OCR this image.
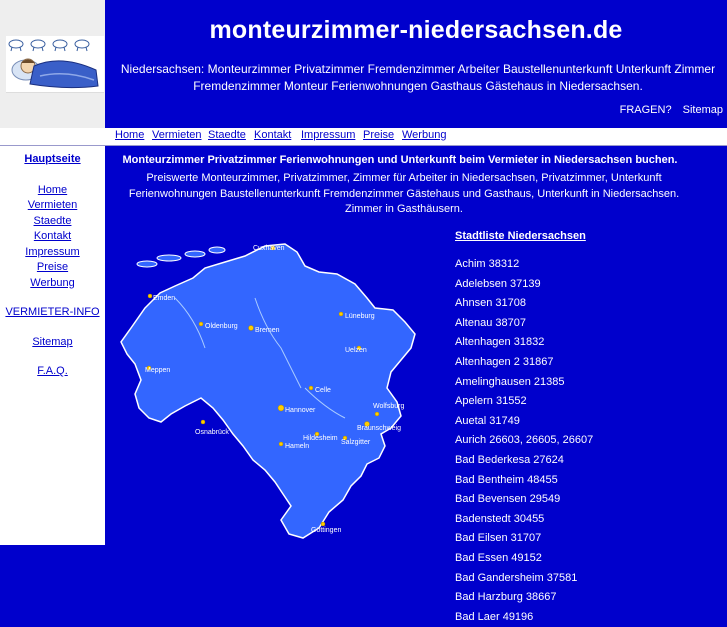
Hauptseite
Home
Vermieten
Staedte
Kontakt
Impressum
Preise
Werbung
VERMIETER-INFO
Sitemap
F.A.Q.
monteurzimmer-niedersachsen.de
Niedersachsen: Monteurzimmer Privatzimmer Fremdenzimmer Arbeiter Baustellenunterkunft Unterkunft Zimmer Fremdenzimmer Monteur Ferienwohnungen Gasthaus Gästehaus in Niedersachsen.
FRAGEN? Sitemap
Home Vermieten Staedte Kontakt Impressum Preise Werbung
Monteurzimmer Privatzimmer Ferienwohnungen und Unterkunft beim Vermieter in Niedersachsen buchen.
Preiswerte Monteurzimmer, Privatzimmer, Zimmer für Arbeiter in Niedersachsen, Privatzimmer, Unterkunft Ferienwohnungen Baustellenunterkunft Fremdenzimmer Gästehaus und Gasthaus, Unterkunft in Niedersachsen. Zimmer in Gasthäusern.
Emden
Oldenburg
Bremen
Cuxhaven
Lüneburg
Uelzen
Celle
Hannover
Wolfsburg
Braunschweig
Hildesheim
Salzgitter
Hameln
Osnabrück
Meppen
Göttingen
Stadtliste Niedersachsen
Achim 38312
Adelebsen 37139
Ahnsen 31708
Altenau 38707
Altenhagen 31832
Altenhagen 2 31867
Amelinghausen 21385
Apelern 31552
Auetal 31749
Aurich 26603, 26605, 26607
Bad Bederkesa 27624
Bad Bentheim 48455
Bad Bevensen 29549
Badenstedt 30455
Bad Eilsen 31707
Bad Essen 49152
Bad Gandersheim 37581
Bad Harzburg 38667
Bad Laer 49196
